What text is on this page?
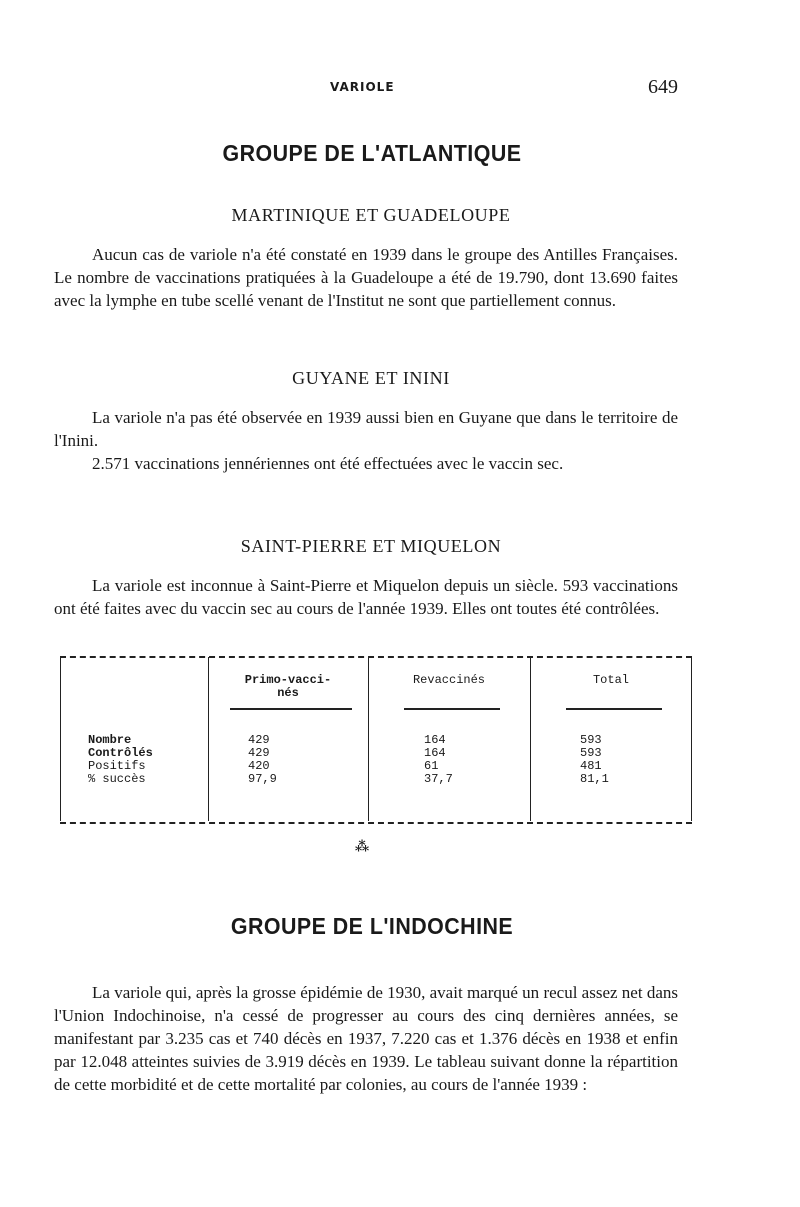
VARIOLE	649
GROUPE DE L'ATLANTIQUE
MARTINIQUE ET GUADELOUPE
Aucun cas de variole n'a été constaté en 1939 dans le groupe des Antilles Françaises. Le nombre de vaccinations pratiquées à la Guadeloupe a été de 19.790, dont 13.690 faites avec la lymphe en tube scellé venant de l'Institut ne sont que partiellement connus.
GUYANE ET ININI
La variole n'a pas été observée en 1939 aussi bien en Guyane que dans le territoire de l'Inini.
2.571 vaccinations jennériennes ont été effectuées avec le vaccin sec.
SAINT-PIERRE ET MIQUELON
La variole est inconnue à Saint-Pierre et Miquelon depuis un siècle. 593 vaccinations ont été faites avec du vaccin sec au cours de l'année 1939. Elles ont toutes été contrôlées.
Primo-vacci-
nés
Revaccinés	Total
Nombre
Contrôlés
Positifs
% succès
429
429
420
97,9
164
164
61
37,7
593
593
481
81,1
⁂
GROUPE DE L'INDOCHINE
La variole qui, après la grosse épidémie de 1930, avait marqué un recul assez net dans l'Union Indochinoise, n'a cessé de progresser au cours des cinq dernières années, se manifestant par 3.235 cas et 740 décès en 1937, 7.220 cas et 1.376 décès en 1938 et enfin par 12.048 atteintes suivies de 3.919 décès en 1939. Le tableau suivant donne la répartition de cette morbidité et de cette mortalité par colonies, au cours de l'année 1939 :
